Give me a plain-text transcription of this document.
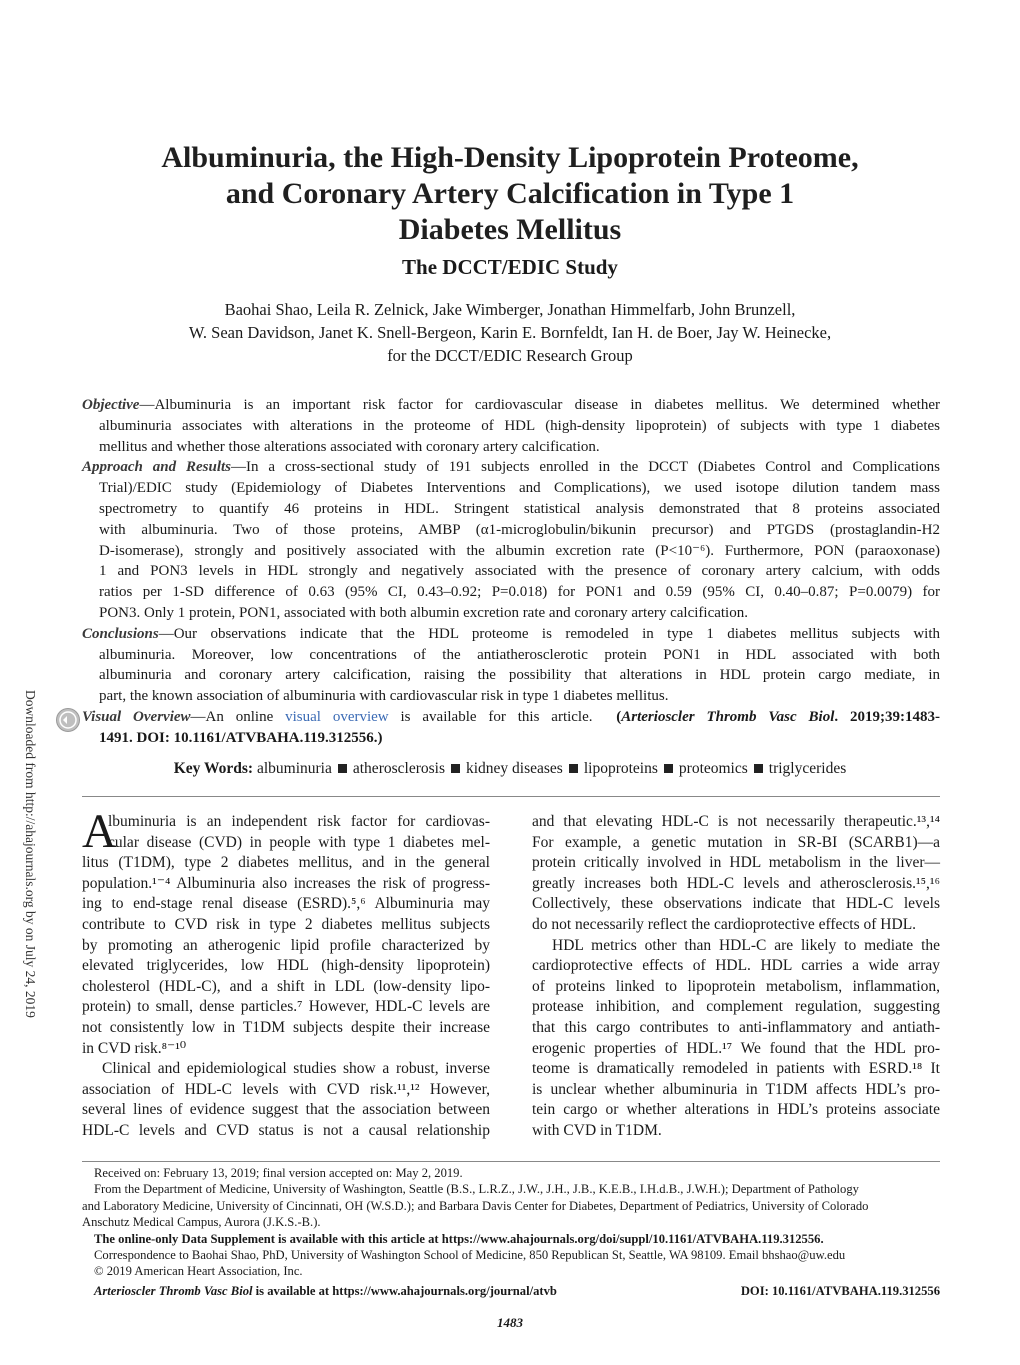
Downloaded from http://ahajournals.org by on July 24, 2019
Albuminuria, the High-Density Lipoprotein Proteome,
and Coronary Artery Calcification in Type 1
Diabetes Mellitus
The DCCT/EDIC Study
Baohai Shao, Leila R. Zelnick, Jake Wimberger, Jonathan Himmelfarb, John Brunzell,
W. Sean Davidson, Janet K. Snell-Bergeon, Karin E. Bornfeldt, Ian H. de Boer, Jay W. Heinecke,
for the DCCT/EDIC Research Group
Objective—Albuminuria is an important risk factor for cardiovascular disease in diabetes mellitus. We determined whether
albuminuria associates with alterations in the proteome of HDL (high-density lipoprotein) of subjects with type 1 diabetes
mellitus and whether those alterations associated with coronary artery calcification.
Approach and Results—In a cross-sectional study of 191 subjects enrolled in the DCCT (Diabetes Control and Complications
Trial)/EDIC study (Epidemiology of Diabetes Interventions and Complications), we used isotope dilution tandem mass
spectrometry to quantify 46 proteins in HDL. Stringent statistical analysis demonstrated that 8 proteins associated
with albuminuria. Two of those proteins, AMBP (α1-microglobulin/bikunin precursor) and PTGDS (prostaglandin-H2
D-isomerase), strongly and positively associated with the albumin excretion rate (P<10⁻⁶). Furthermore, PON (paraoxonase)
1 and PON3 levels in HDL strongly and negatively associated with the presence of coronary artery calcium, with odds
ratios per 1-SD difference of 0.63 (95% CI, 0.43–0.92; P=0.018) for PON1 and 0.59 (95% CI, 0.40–0.87; P=0.0079) for
PON3. Only 1 protein, PON1, associated with both albumin excretion rate and coronary artery calcification.
Conclusions—Our observations indicate that the HDL proteome is remodeled in type 1 diabetes mellitus subjects with
albuminuria. Moreover, low concentrations of the antiatherosclerotic protein PON1 in HDL associated with both
albuminuria and coronary artery calcification, raising the possibility that alterations in HDL protein cargo mediate, in
part, the known association of albuminuria with cardiovascular risk in type 1 diabetes mellitus.
Visual Overview—An online visual overview is available for this article. (Arterioscler Thromb Vasc Biol. 2019;39:1483-
1491. DOI: 10.1161/ATVBAHA.119.312556.)
Key Words: albuminuria atherosclerosis kidney diseases lipoproteins proteomics triglycerides
A
lbuminuria is an independent risk factor for cardiovas-
cular disease (CVD) in people with type 1 diabetes mel-
litus (T1DM), type 2 diabetes mellitus, and in the general
population.¹⁻⁴ Albuminuria also increases the risk of progress-
ing to end-stage renal disease (ESRD).⁵,⁶ Albuminuria may
contribute to CVD risk in type 2 diabetes mellitus subjects
by promoting an atherogenic lipid profile characterized by
elevated triglycerides, low HDL (high-density lipoprotein)
cholesterol (HDL-C), and a shift in LDL (low-density lipo-
protein) to small, dense particles.⁷ However, HDL-C levels are
not consistently low in T1DM subjects despite their increase
in CVD risk.⁸⁻¹⁰
Clinical and epidemiological studies show a robust, inverse
association of HDL-C levels with CVD risk.¹¹,¹² However,
several lines of evidence suggest that the association between
HDL-C levels and CVD status is not a causal relationship
and that elevating HDL-C is not necessarily therapeutic.¹³,¹⁴
For example, a genetic mutation in SR-BI (SCARB1)—a
protein critically involved in HDL metabolism in the liver—
greatly increases both HDL-C levels and atherosclerosis.¹⁵,¹⁶
Collectively, these observations indicate that HDL-C levels
do not necessarily reflect the cardioprotective effects of HDL.
HDL metrics other than HDL-C are likely to mediate the
cardioprotective effects of HDL. HDL carries a wide array
of proteins linked to lipoprotein metabolism, inflammation,
protease inhibition, and complement regulation, suggesting
that this cargo contributes to anti-inflammatory and antiath-
erogenic properties of HDL.¹⁷ We found that the HDL pro-
teome is dramatically remodeled in patients with ESRD.¹⁸ It
is unclear whether albuminuria in T1DM affects HDL’s pro-
tein cargo or whether alterations in HDL’s proteins associate
with CVD in T1DM.
Received on: February 13, 2019; final version accepted on: May 2, 2019.
From the Department of Medicine, University of Washington, Seattle (B.S., L.R.Z., J.W., J.H., J.B., K.E.B., I.H.d.B., J.W.H.); Department of Pathology
and Laboratory Medicine, University of Cincinnati, OH (W.S.D.); and Barbara Davis Center for Diabetes, Department of Pediatrics, University of Colorado
Anschutz Medical Campus, Aurora (J.K.S.-B.).
The online-only Data Supplement is available with this article at https://www.ahajournals.org/doi/suppl/10.1161/ATVBAHA.119.312556.
Correspondence to Baohai Shao, PhD, University of Washington School of Medicine, 850 Republican St, Seattle, WA 98109. Email bhshao@uw.edu
© 2019 American Heart Association, Inc.
Arterioscler Thromb Vasc Biol is available at https://www.ahajournals.org/journal/atvb	DOI: 10.1161/ATVBAHA.119.312556
1483
